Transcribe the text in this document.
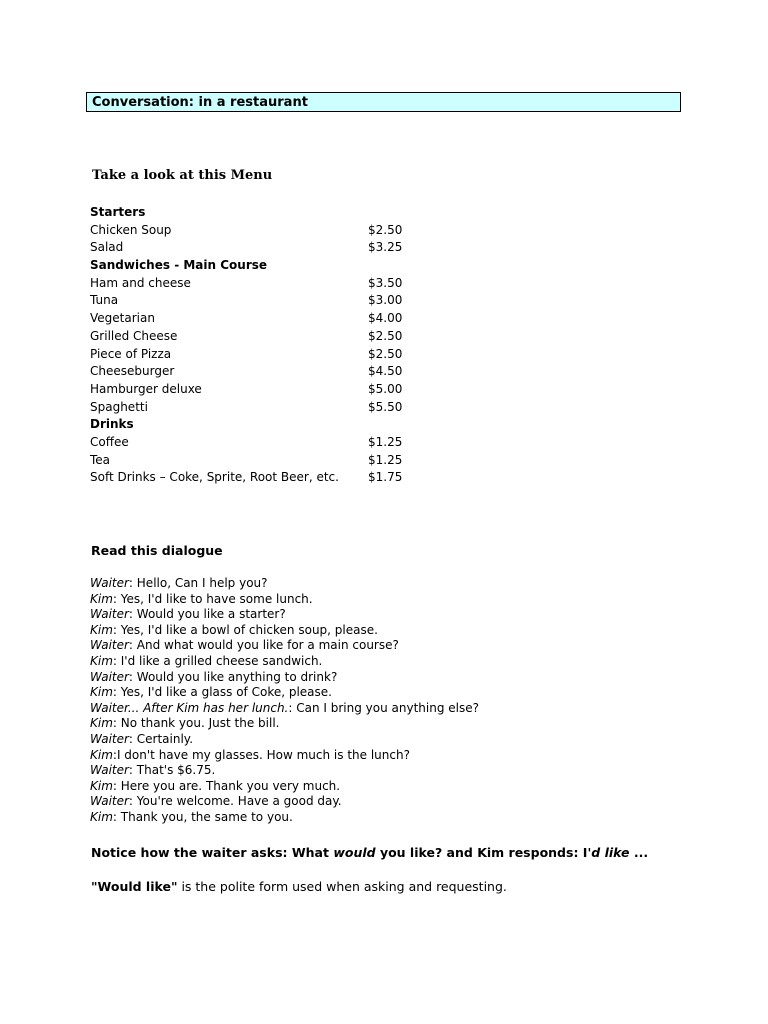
Conversation: in a restaurant
Take a look at this Menu
Starters
Chicken Soup	$2.50
Salad	$3.25
Sandwiches - Main Course
Ham and cheese	$3.50
Tuna	$3.00
Vegetarian	$4.00
Grilled Cheese	$2.50
Piece of Pizza	$2.50
Cheeseburger	$4.50
Hamburger deluxe	$5.00
Spaghetti	$5.50
Drinks
Coffee	$1.25
Tea	$1.25
Soft Drinks – Coke, Sprite, Root Beer, etc. $1.75
Read this dialogue
Waiter: Hello, Can I help you?
Kim: Yes, I'd like to have some lunch.
Waiter: Would you like a starter?
Kim: Yes, I'd like a bowl of chicken soup, please.
Waiter: And what would you like for a main course?
Kim: I'd like a grilled cheese sandwich.
Waiter: Would you like anything to drink?
Kim: Yes, I'd like a glass of Coke, please.
Waiter... After Kim has her lunch.: Can I bring you anything else?
Kim: No thank you. Just the bill.
Waiter: Certainly.
Kim:I don't have my glasses. How much is the lunch?
Waiter: That's $6.75.
Kim: Here you are. Thank you very much.
Waiter: You're welcome. Have a good day.
Kim: Thank you, the same to you.
Notice how the waiter asks: What would you like? and Kim responds: I'd like ...
"Would like" is the polite form used when asking and requesting.
